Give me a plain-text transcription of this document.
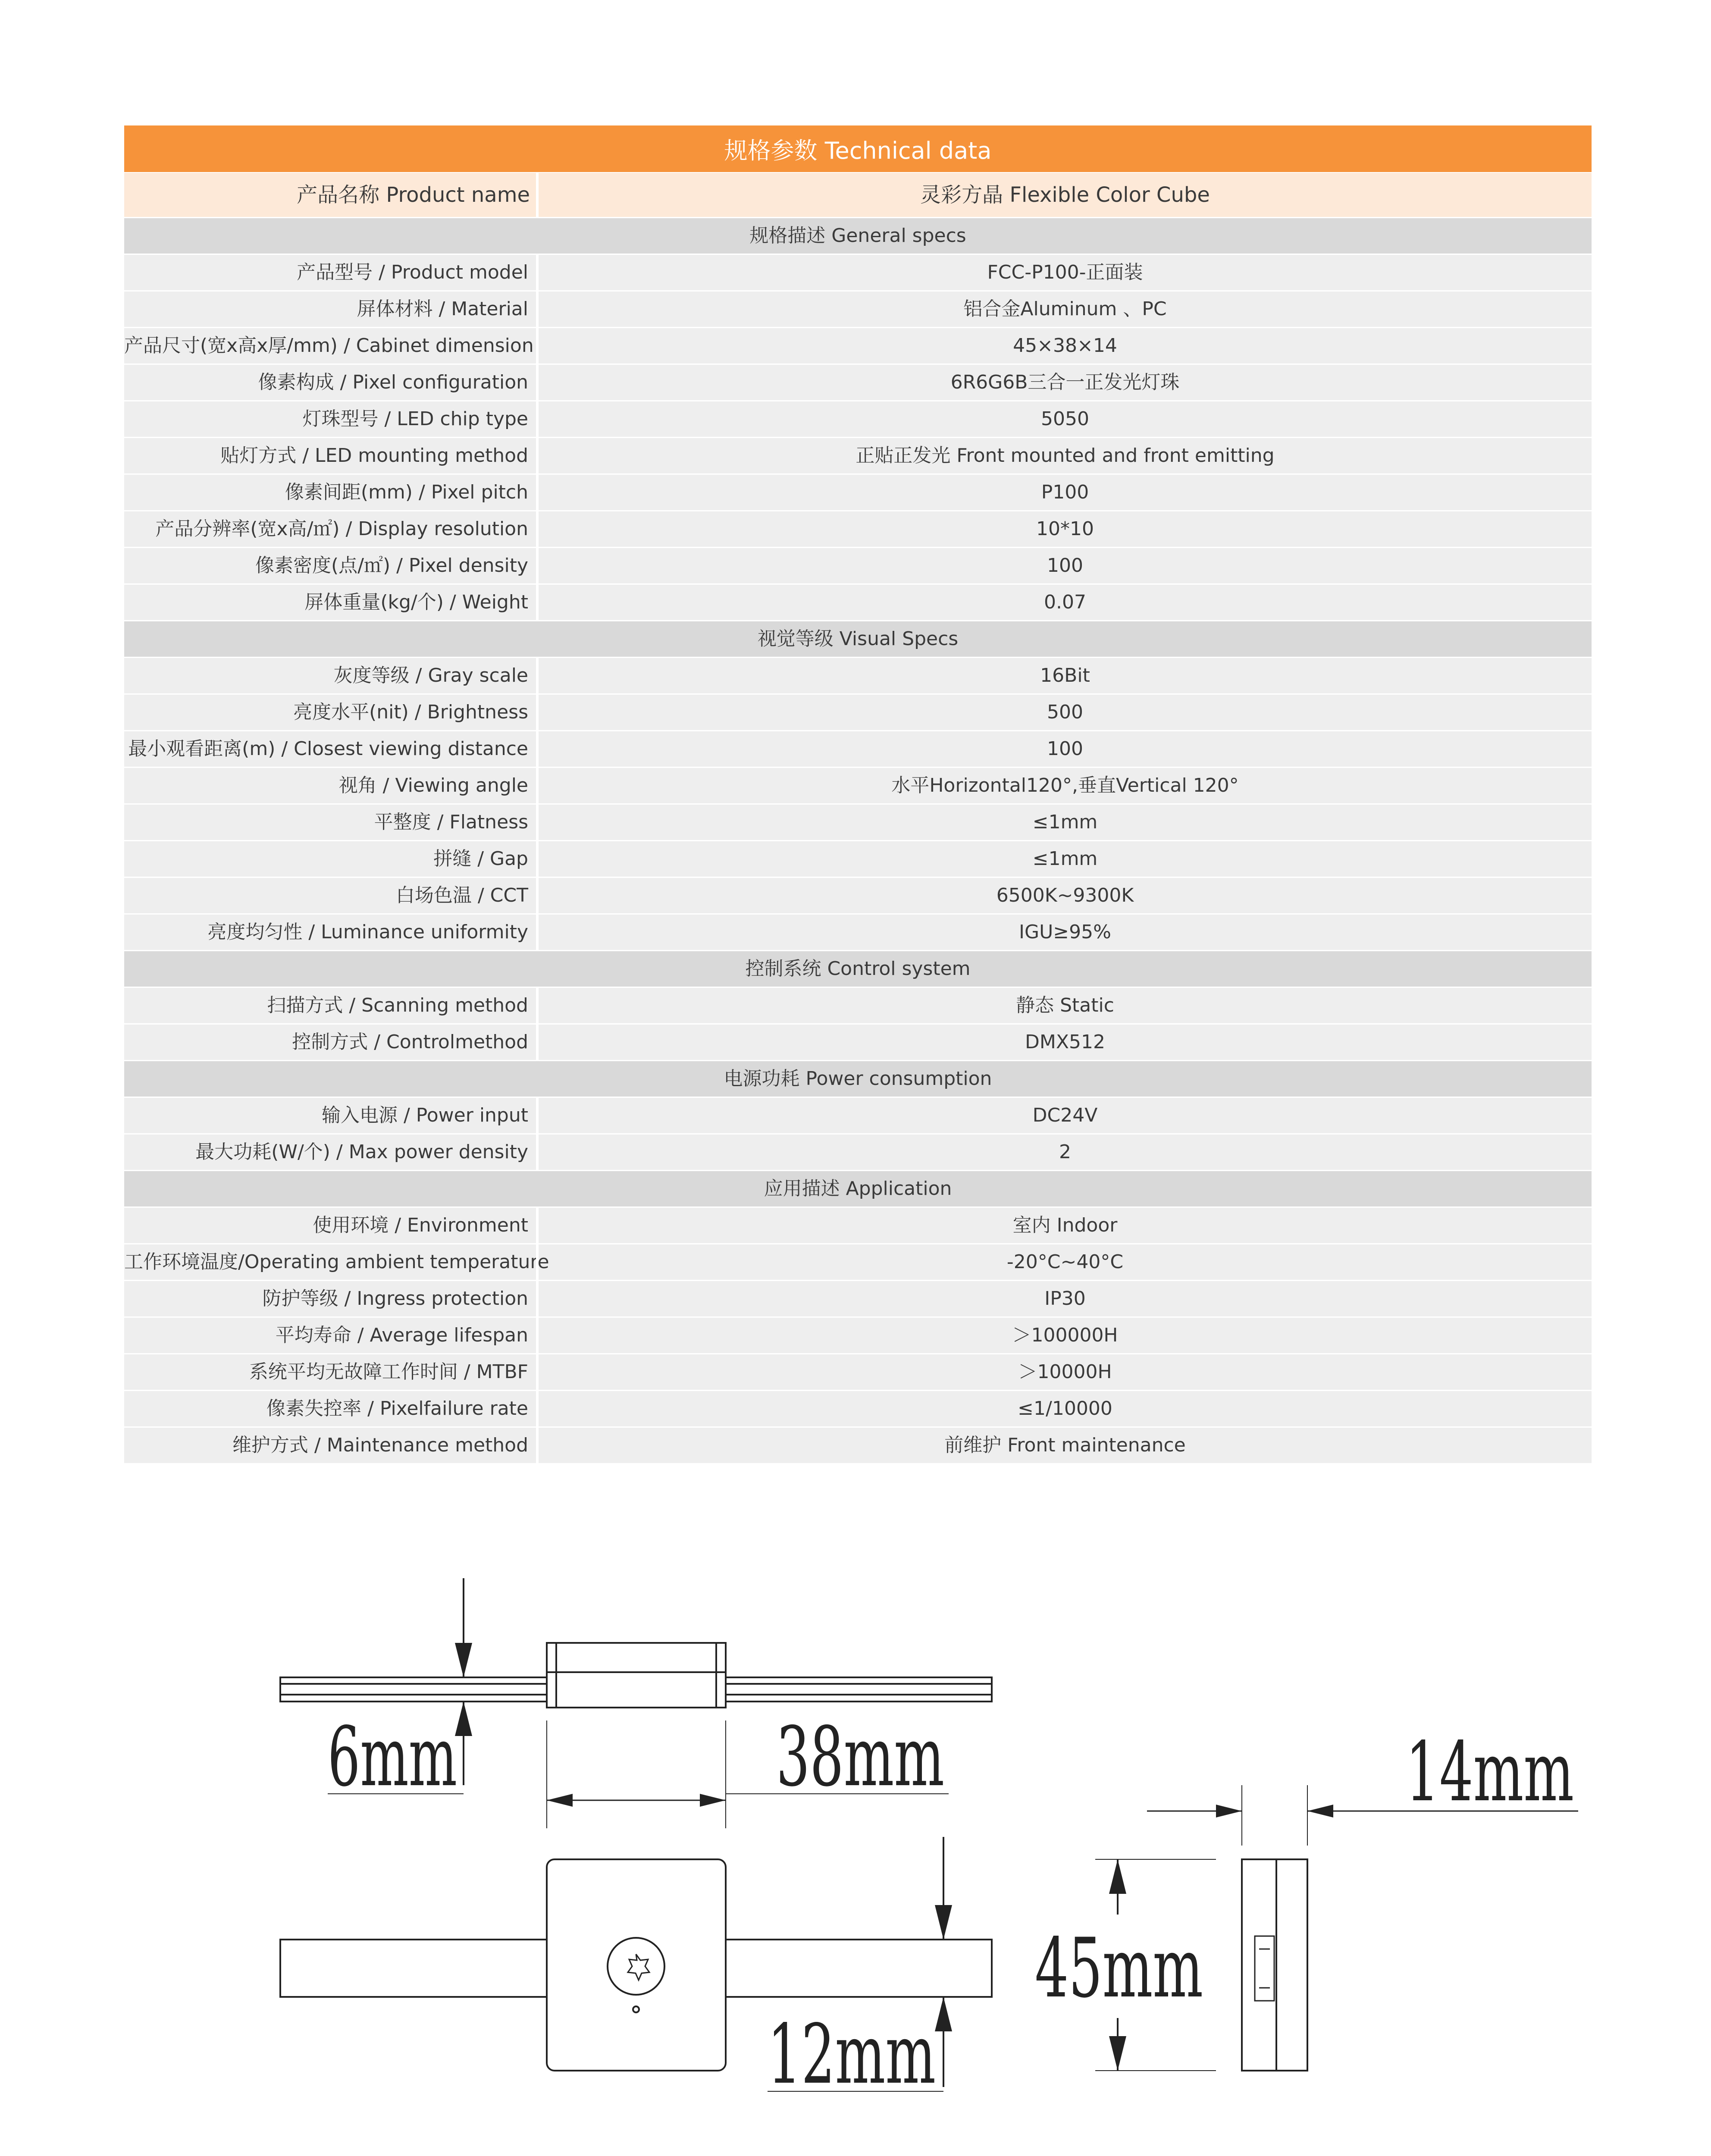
规格参数 Technical data
产品名称 Product name	灵彩方晶 Flexible Color Cube
规格描述 General specs
产品型号 / Product model	FCC-P100-正面装
屏体材料 / Material	铝合金Aluminum 、PC
产品尺寸(宽x高x厚/mm) / Cabinet dimension	45×38×14
像素构成 / Pixel configuration	6R6G6B三合一正发光灯珠
灯珠型号 / LED chip type	5050
贴灯方式 / LED mounting method	正贴正发光 Front mounted and front emitting
像素间距(mm) / Pixel pitch	P100
产品分辨率(宽x高/㎡) / Display resolution	10*10
像素密度(点/㎡) / Pixel density	100
屏体重量(kg/个) / Weight	0.07
视觉等级 Visual Specs
灰度等级 / Gray scale	16Bit
亮度水平(nit) / Brightness	500
最小观看距离(m) / Closest viewing distance	100
视角 / Viewing angle	水平Horizontal120°,垂直Vertical 120°
平整度 / Flatness	≤1mm
拼缝 / Gap	≤1mm
白场色温 / CCT	6500K~9300K
亮度均匀性 / Luminance uniformity	IGU≥95%
控制系统 Control system
扫描方式 / Scanning method	静态 Static
控制方式 / Controlmethod	DMX512
电源功耗 Power consumption
输入电源 / Power input	DC24V
最大功耗(W/个) / Max power density	2
应用描述 Application
使用环境 / Environment	室内 Indoor
工作环境温度/Operating ambient temperature	-20°C~40°C
防护等级 / Ingress protection	IP30
平均寿命 / Average lifespan	＞100000H
系统平均无故障工作时间 / MTBF	＞10000H
像素失控率 / Pixelfailure rate	≤1/10000
维护方式 / Maintenance method	前维护 Front maintenance
6mm	38mm	14mm
45mm
12mm
